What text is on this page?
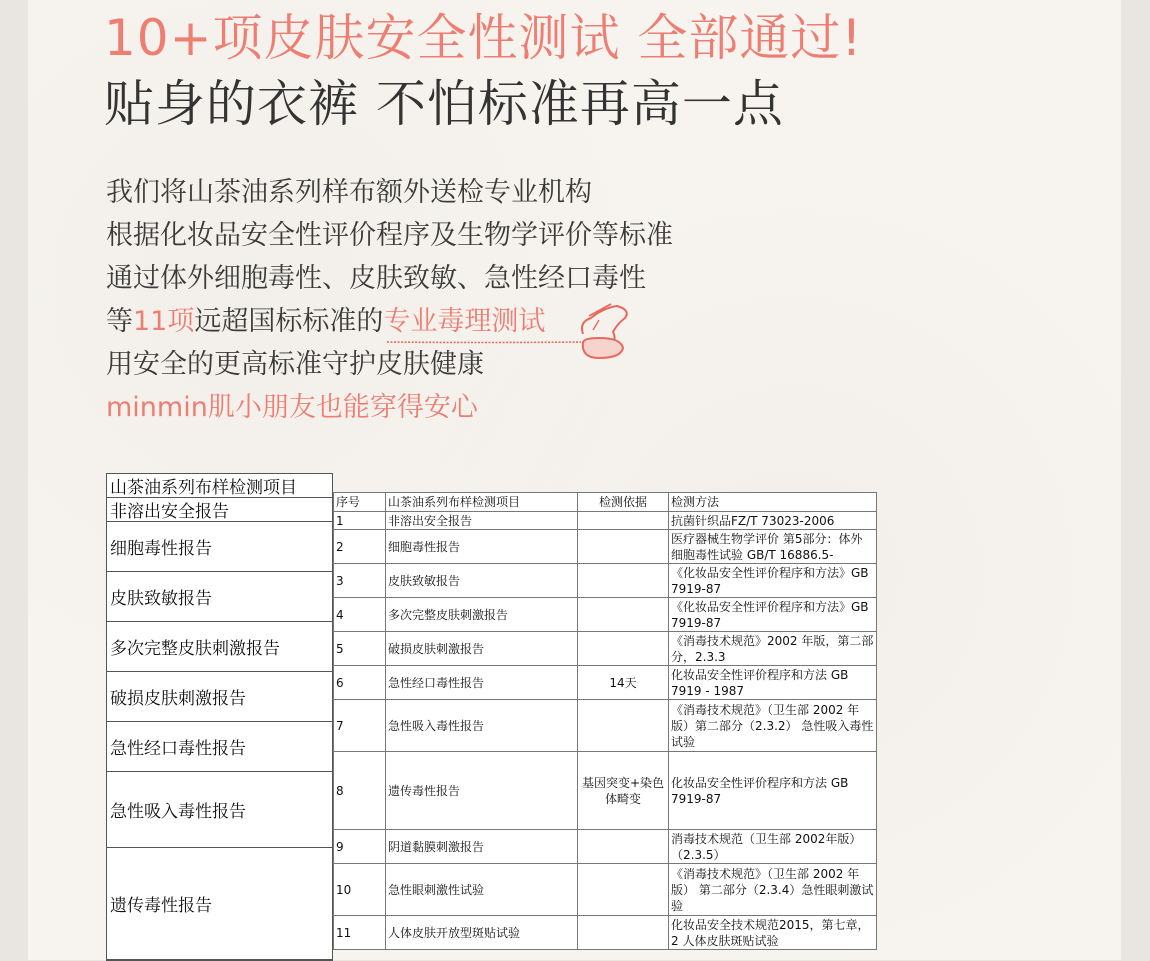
10+项皮肤安全性测试 全部通过!
贴身的衣裤 不怕标准再高一点
我们将山茶油系列样布额外送检专业机构
根据化妆品安全性评价程序及生物学评价等标准
通过体外细胞毒性、皮肤致敏、急性经口毒性
等11项远超国标标准的专业毒理测试
用安全的更高标准守护皮肤健康
minmin肌小朋友也能穿得安心
山茶油系列布样检测项目
非溶出安全报告
细胞毒性报告
皮肤致敏报告
多次完整皮肤刺激报告
破损皮肤刺激报告
急性经口毒性报告
急性吸入毒性报告
遗传毒性报告
序号	山茶油系列布样检测项目	检测依据	检测方法
1	非溶出安全报告		抗菌针织品FZ/T 73023-2006
2	细胞毒性报告		医疗器械生物学评价 第5部分：体外细胞毒性试验 GB/T 16886.5-
3	皮肤致敏报告		《化妆品安全性评价程序和方法》GB 7919-87
4	多次完整皮肤刺激报告		《化妆品安全性评价程序和方法》GB 7919-87
5	破损皮肤刺激报告		《消毒技术规范》2002 年版，第二部分，2.3.3
6	急性经口毒性报告	14天	化妆品安全性评价程序和方法 GB 7919 - 1987
7	急性吸入毒性报告		《消毒技术规范》（卫生部 2002 年版）第二部分（2.3.2） 急性吸入毒性试验
8	遗传毒性报告	基因突变+染色体畸变	化妆品安全性评价程序和方法 GB 7919-87
9	阴道黏膜刺激报告		消毒技术规范（卫生部 2002年版）（2.3.5）
10	急性眼刺激性试验		《消毒技术规范》（卫生部 2002 年版） 第二部分（2.3.4）急性眼刺激试验
11	人体皮肤开放型斑贴试验		化妆品安全技术规范2015，第七章，2 人体皮肤斑贴试验
